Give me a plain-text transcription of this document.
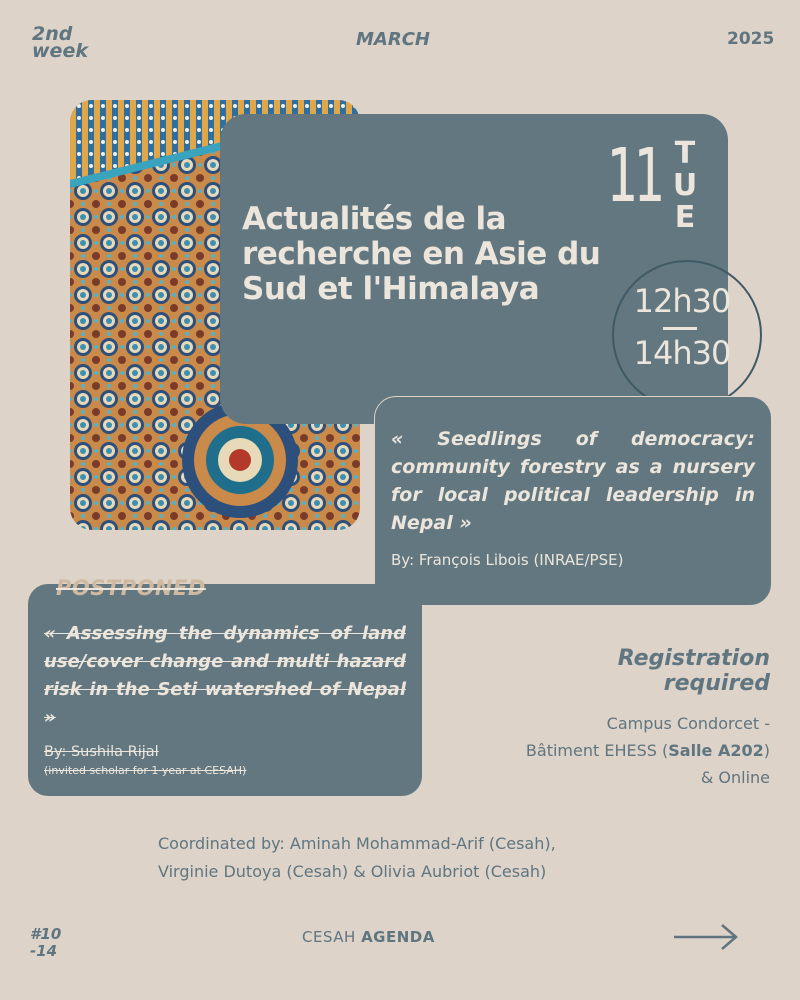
2nd
week
MARCH	2025
Actualités de la recherche en Asie du Sud et l'Himalaya
11 TUE
12h30
14h30

« Seedlings of democracy: community forestry as a nursery for local political leadership in Nepal »

By: François Libois (INRAE/PSE)
POSTPONED

« Assessing the dynamics of land use/cover change and multi hazard risk in the Seti watershed of Nepal »

By: Sushila Rijal
(invited scholar for 1 year at CESAH)
Registration
required
Campus Condorcet -
Bâtiment EHESS (Salle A202)
& Online
Coordinated by: Aminah Mohammad-Arif (Cesah),
Virginie Dutoya (Cesah) & Olivia Aubriot (Cesah)
#10
-14
CESAH AGENDA
